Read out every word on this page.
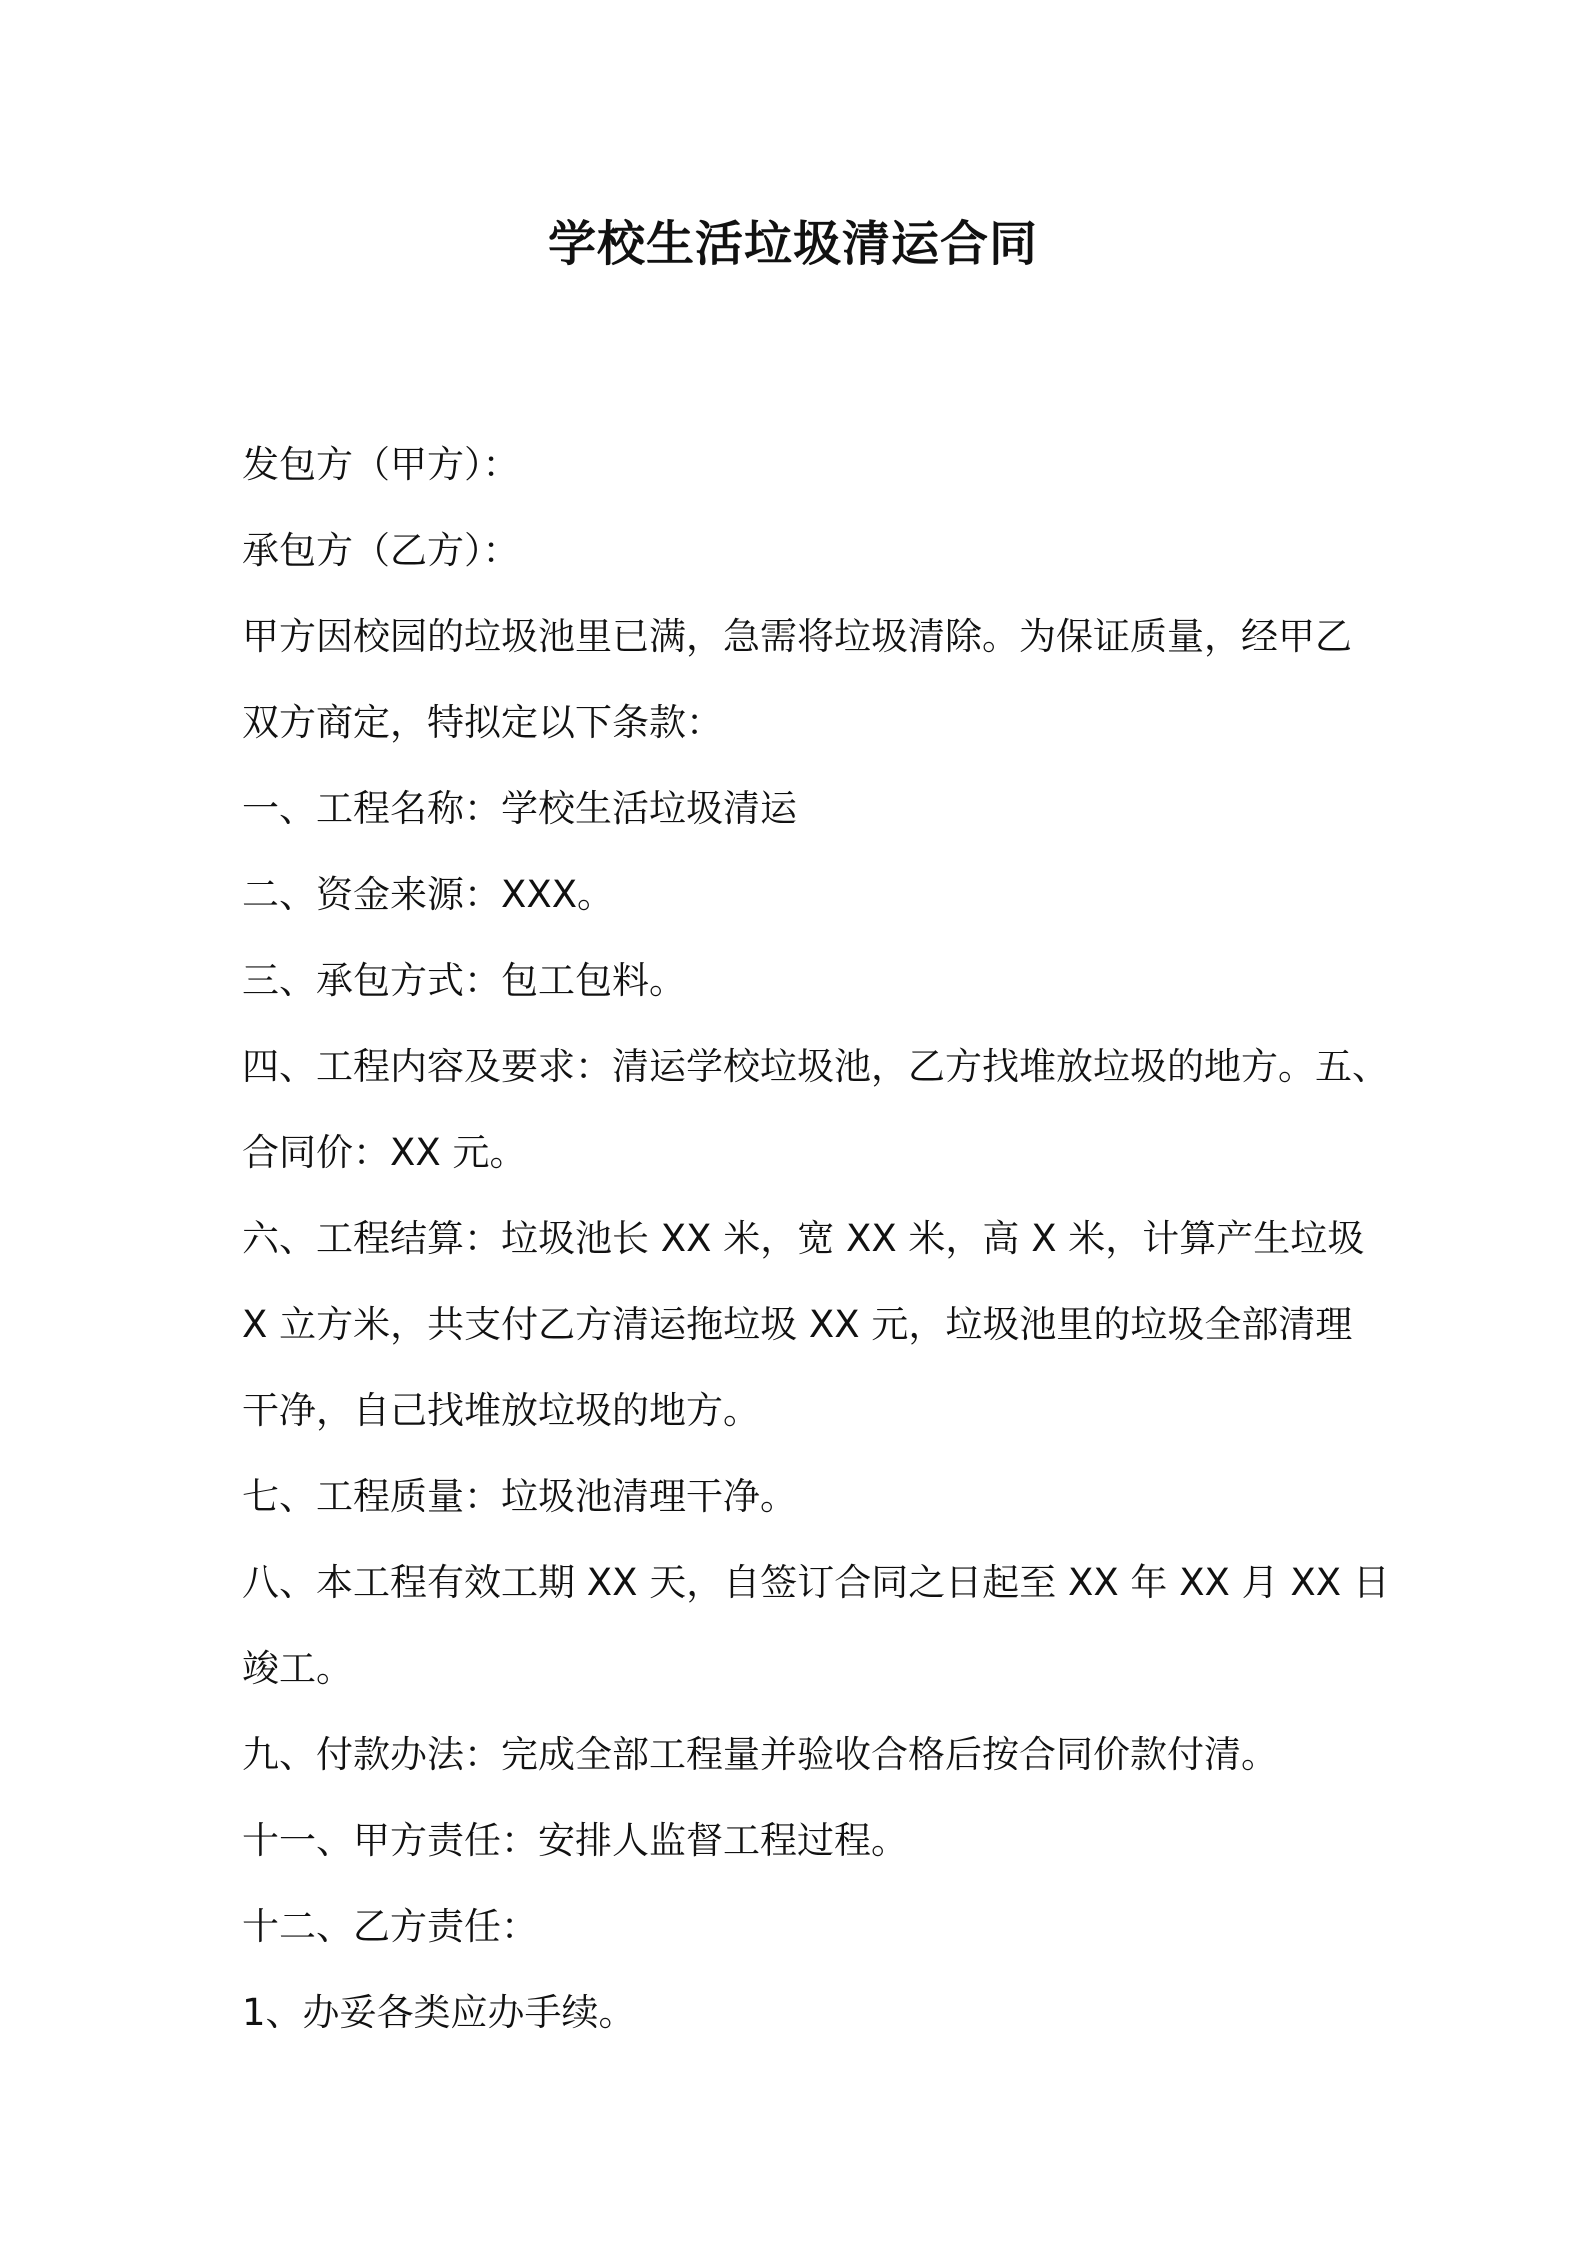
学校生活垃圾清运合同

发包方（甲方）：

承包方（乙方）：

甲方因校园的垃圾池里已满，急需将垃圾清除。为保证质量，经甲乙

双方商定，特拟定以下条款：

一、工程名称：学校生活垃圾清运

二、资金来源：XXX。

三、承包方式：包工包料。

四、工程内容及要求：清运学校垃圾池，乙方找堆放垃圾的地方。五、

合同价：XX 元。

六、工程结算：垃圾池长 XX 米，宽 XX 米，高 X 米，计算产生垃圾

X 立方米，共支付乙方清运拖垃圾 XX 元，垃圾池里的垃圾全部清理

干净，自己找堆放垃圾的地方。

七、工程质量：垃圾池清理干净。

八、本工程有效工期 XX 天，自签订合同之日起至 XX 年 XX 月 XX 日

竣工。

九、付款办法：完成全部工程量并验收合格后按合同价款付清。

十一、甲方责任：安排人监督工程过程。

十二、乙方责任：

1、办妥各类应办手续。
